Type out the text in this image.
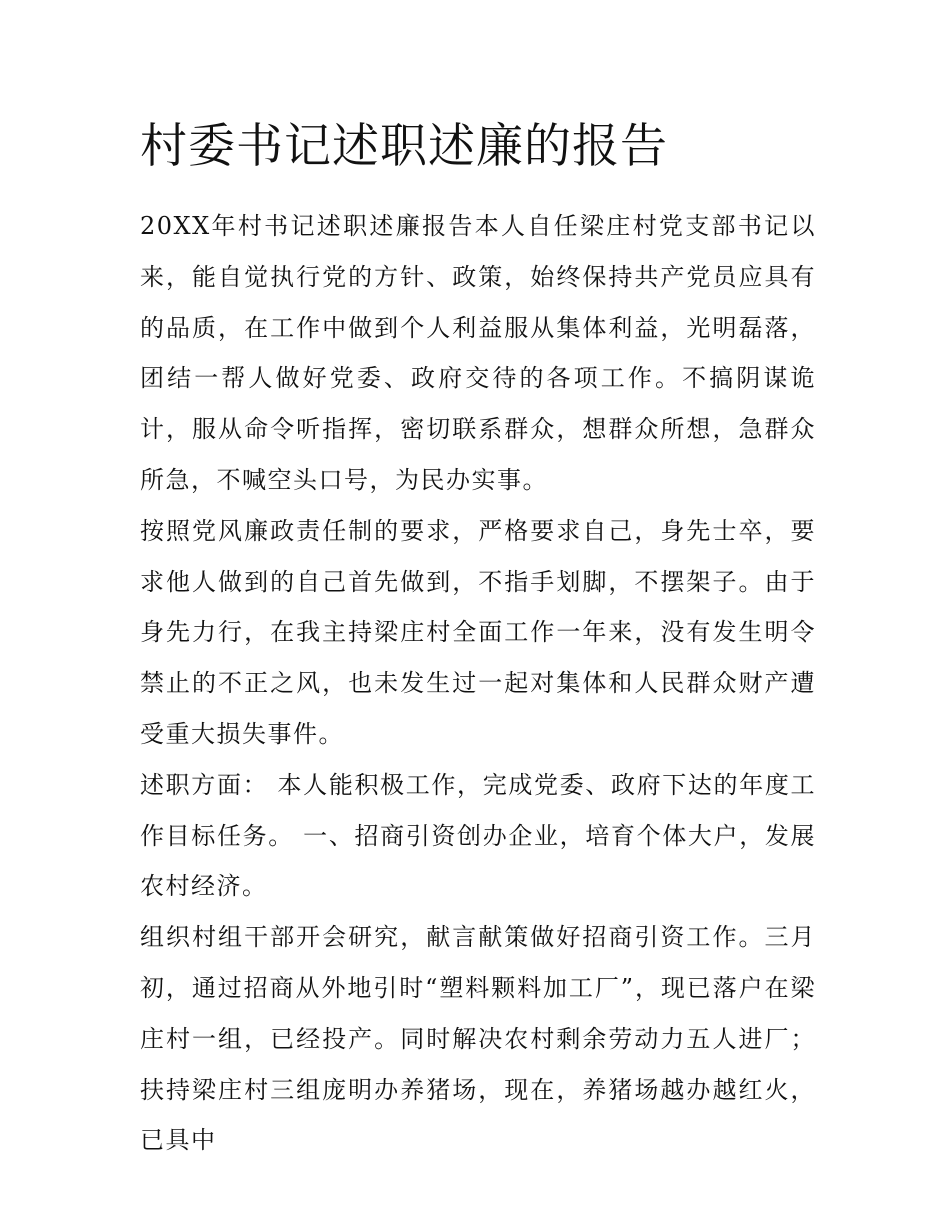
村委书记述职述廉的报告

20XX年村书记述职述廉报告本人自任梁庄村党支部书记以来，能自觉执行党的方针、政策，始终保持共产党员应具有的品质，在工作中做到个人利益服从集体利益，光明磊落，团结一帮人做好党委、政府交待的各项工作。不搞阴谋诡计，服从命令听指挥，密切联系群众，想群众所想，急群众所急，不喊空头口号，为民办实事。

按照党风廉政责任制的要求，严格要求自己，身先士卒，要求他人做到的自己首先做到，不指手划脚，不摆架子。由于身先力行，在我主持梁庄村全面工作一年来，没有发生明令禁止的不正之风，也未发生过一起对集体和人民群众财产遭受重大损失事件。

述职方面： 本人能积极工作，完成党委、政府下达的年度工作目标任务。 一、招商引资创办企业，培育个体大户，发展农村经济。

组织村组干部开会研究，献言献策做好招商引资工作。三月初，通过招商从外地引时“塑料颗料加工厂”，现已落户在梁庄村一组，已经投产。同时解决农村剩余劳动力五人进厂；扶持梁庄村三组庞明办养猪场，现在，养猪场越办越红火，已具中
